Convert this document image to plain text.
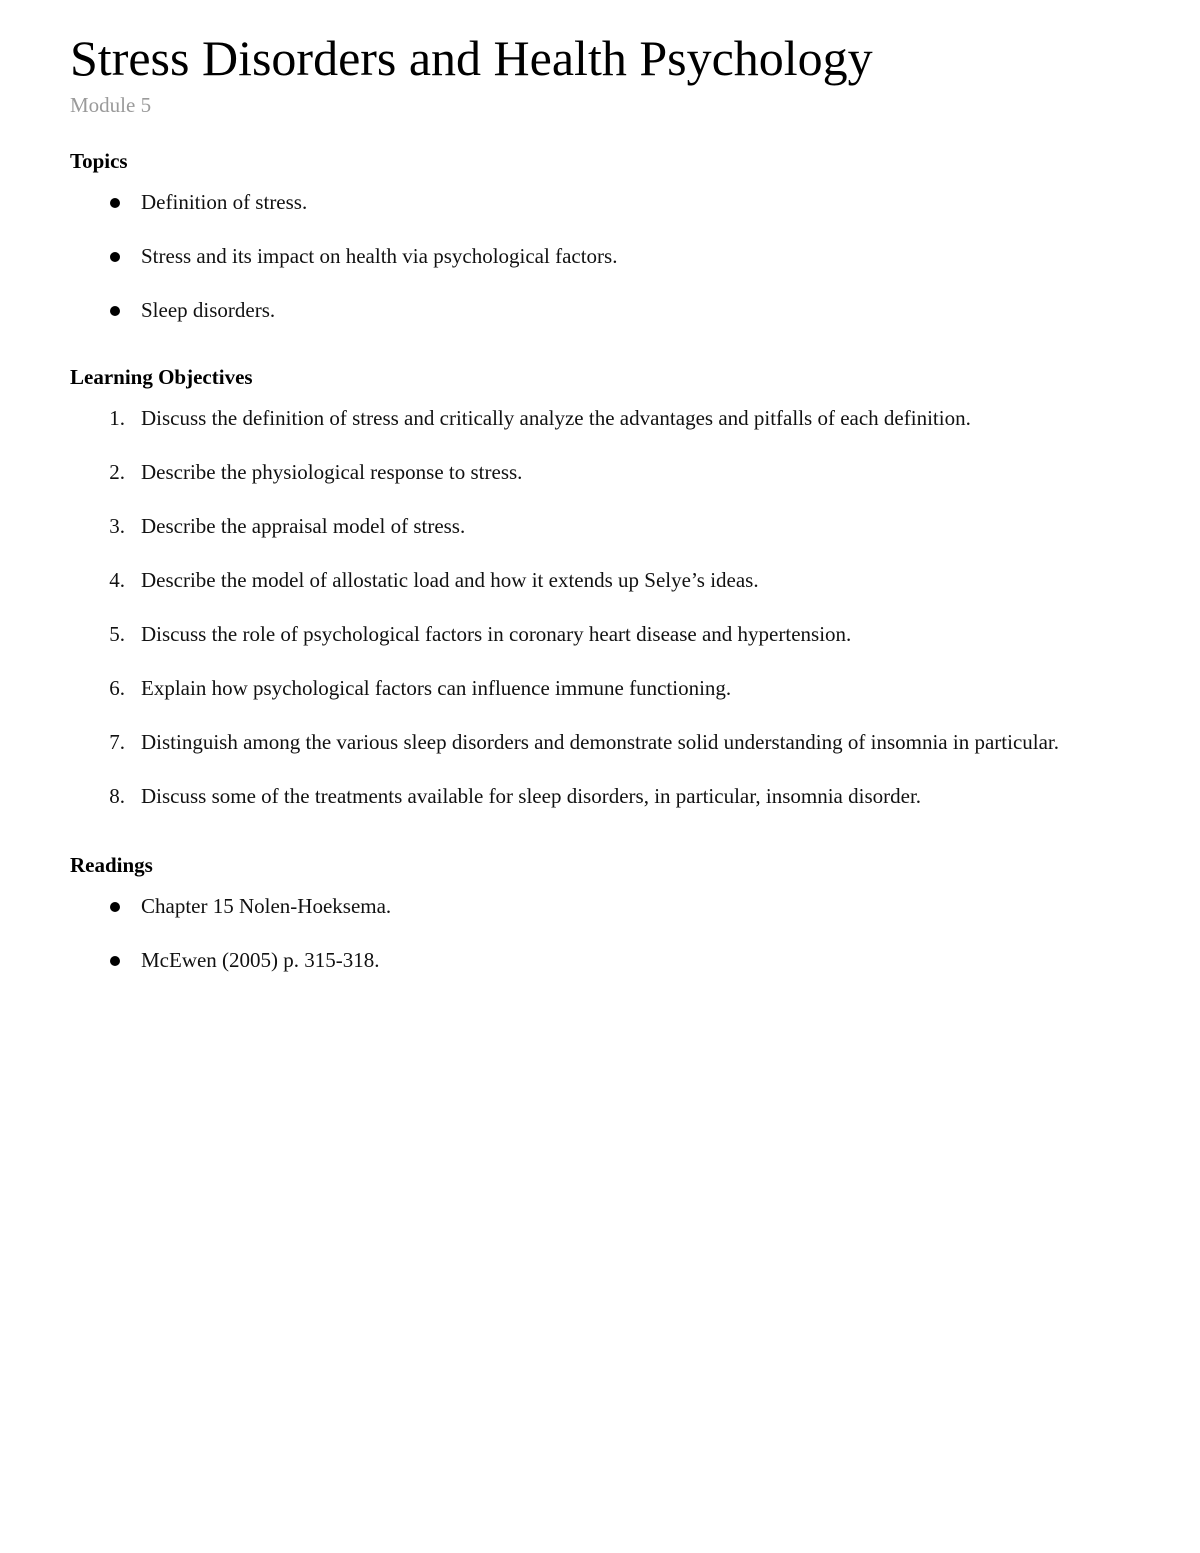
Stress Disorders and Health Psychology
Module 5
Topics
Definition of stress.
Stress and its impact on health via psychological factors.
Sleep disorders.
Learning Objectives
1. Discuss the definition of stress and critically analyze the advantages and pitfalls of each definition.
2. Describe the physiological response to stress.
3. Describe the appraisal model of stress.
4. Describe the model of allostatic load and how it extends up Selye’s ideas.
5. Discuss the role of psychological factors in coronary heart disease and hypertension.
6. Explain how psychological factors can influence immune functioning.
7. Distinguish among the various sleep disorders and demonstrate solid understanding of insomnia in particular.
8. Discuss some of the treatments available for sleep disorders, in particular, insomnia disorder.
Readings
Chapter 15 Nolen-Hoeksema.
McEwen (2005) p. 315-318.
